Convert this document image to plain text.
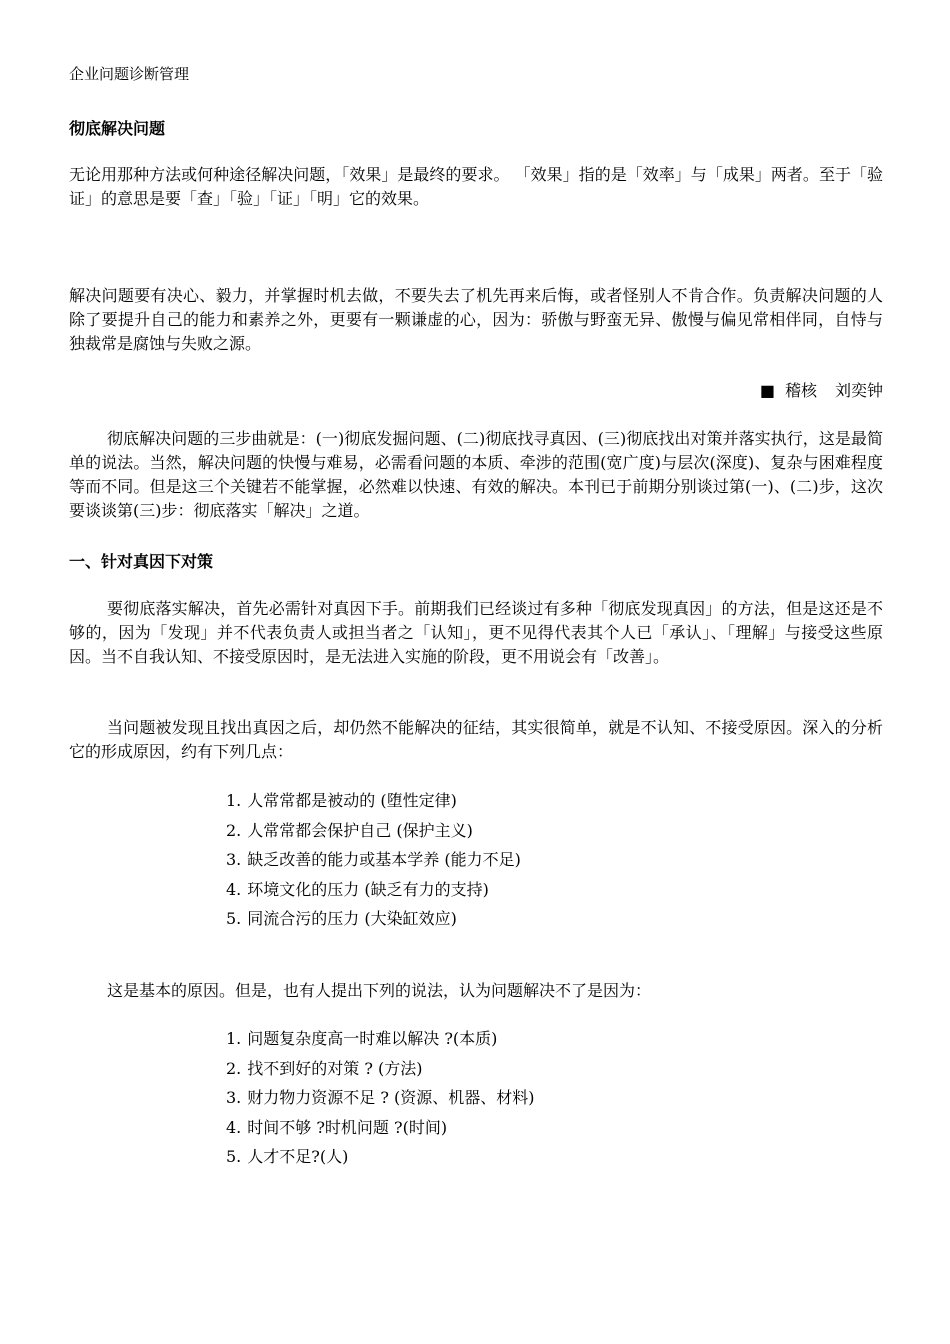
企业问题诊断管理
彻底解决问题

无论用那种方法或何种途径解决问题，「效果」是最终的要求。 「效果」指的是「效率」与「成果」两者。至于「验证」的意思是要「查」「验」「证」「明」它的效果。

解决问题要有决心、毅力，并掌握时机去做，不要失去了机先再来后悔，或者怪别人不肯合作。负责解决问题的人除了要提升自己的能力和素养之外，更要有一颗谦虚的心，因为：骄傲与野蛮无异、傲慢与偏见常相伴同，自恃与独裁常是腐蚀与失败之源。

■ 稽核 刘奕钟

彻底解决问题的三步曲就是：(一)彻底发掘问题、(二)彻底找寻真因、(三)彻底找出对策并落实执行，这是最简单的说法。当然，解决问题的快慢与难易，必需看问题的本质、牵涉的范围(宽广度)与层次(深度)、复杂与困难程度等而不同。但是这三个关键若不能掌握，必然难以快速、有效的解决。本刊已于前期分别谈过第(一)、(二)步，这次要谈谈第(三)步：彻底落实「解决」之道。

一、针对真因下对策

要彻底落实解决，首先必需针对真因下手。前期我们已经谈过有多种「彻底发现真因」的方法，但是这还是不够的，因为「发现」并不代表负责人或担当者之「认知」，更不见得代表其个人已「承认」、「理解」与接受这些原因。当不自我认知、不接受原因时，是无法进入实施的阶段，更不用说会有「改善」。

当问题被发现且找出真因之后，却仍然不能解决的征结，其实很简单，就是不认知、不接受原因。深入的分析它的形成原因，约有下列几点：

1. 人常常都是被动的 (堕性定律)
2. 人常常都会保护自己 (保护主义)
3. 缺乏改善的能力或基本学养 (能力不足)
4. 环境文化的压力 (缺乏有力的支持)
5. 同流合污的压力 (大染缸效应)

这是基本的原因。但是，也有人提出下列的说法，认为问题解决不了是因为：

1. 问题复杂度高一时难以解决 ?(本质)
2. 找不到好的对策 ? (方法)
3. 财力物力资源不足 ? (资源、机器、材料)
4. 时间不够 ?时机问题 ?(时间)
5. 人才不足?(人)
